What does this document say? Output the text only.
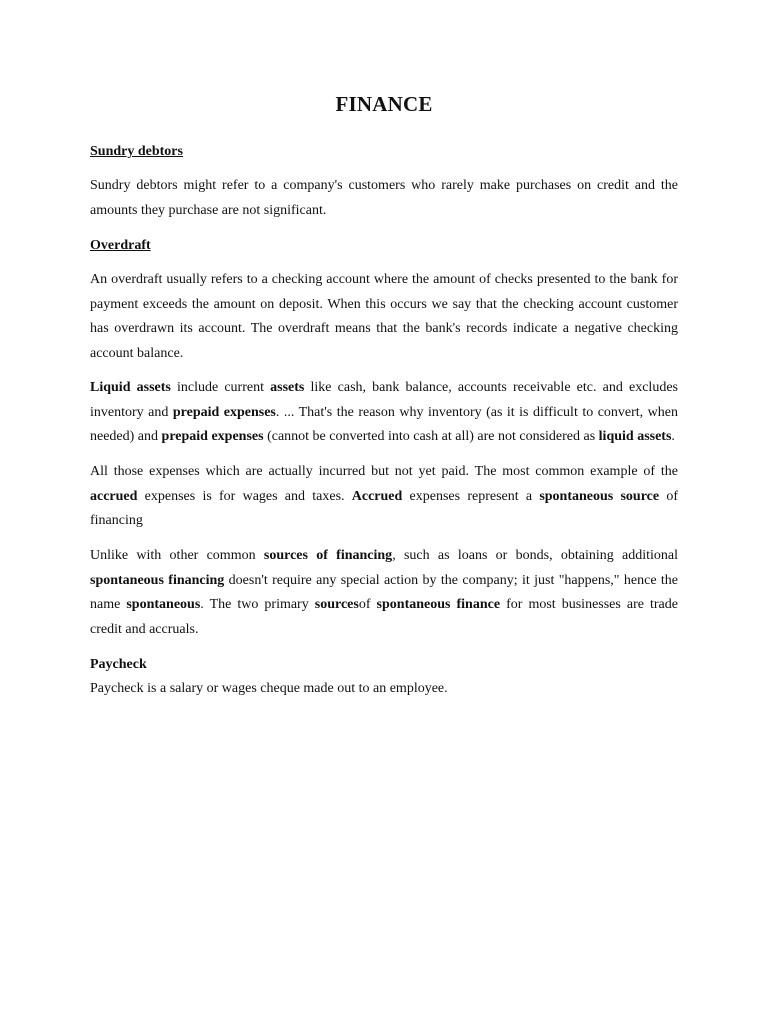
FINANCE

Sundry debtors

Sundry debtors might refer to a company's customers who rarely make purchases on credit and the amounts they purchase are not significant.

Overdraft

An overdraft usually refers to a checking account where the amount of checks presented to the bank for payment exceeds the amount on deposit. When this occurs we say that the checking account customer has overdrawn its account. The overdraft means that the bank's records indicate a negative checking account balance.

Liquid assets include current assets like cash, bank balance, accounts receivable etc. and excludes inventory and prepaid expenses. ... That's the reason why inventory (as it is difficult to convert, when needed) and prepaid expenses (cannot be converted into cash at all) are not considered as liquid assets.

All those expenses which are actually incurred but not yet paid. The most common example of the accrued expenses is for wages and taxes. Accrued expenses represent a spontaneous source of financing

Unlike with other common sources of financing, such as loans or bonds, obtaining additional spontaneous financing doesn't require any special action by the company; it just "happens," hence the name spontaneous. The two primary sourcesof spontaneous finance for most businesses are trade credit and accruals.

Paycheck

Paycheck is a salary or wages cheque made out to an employee.
